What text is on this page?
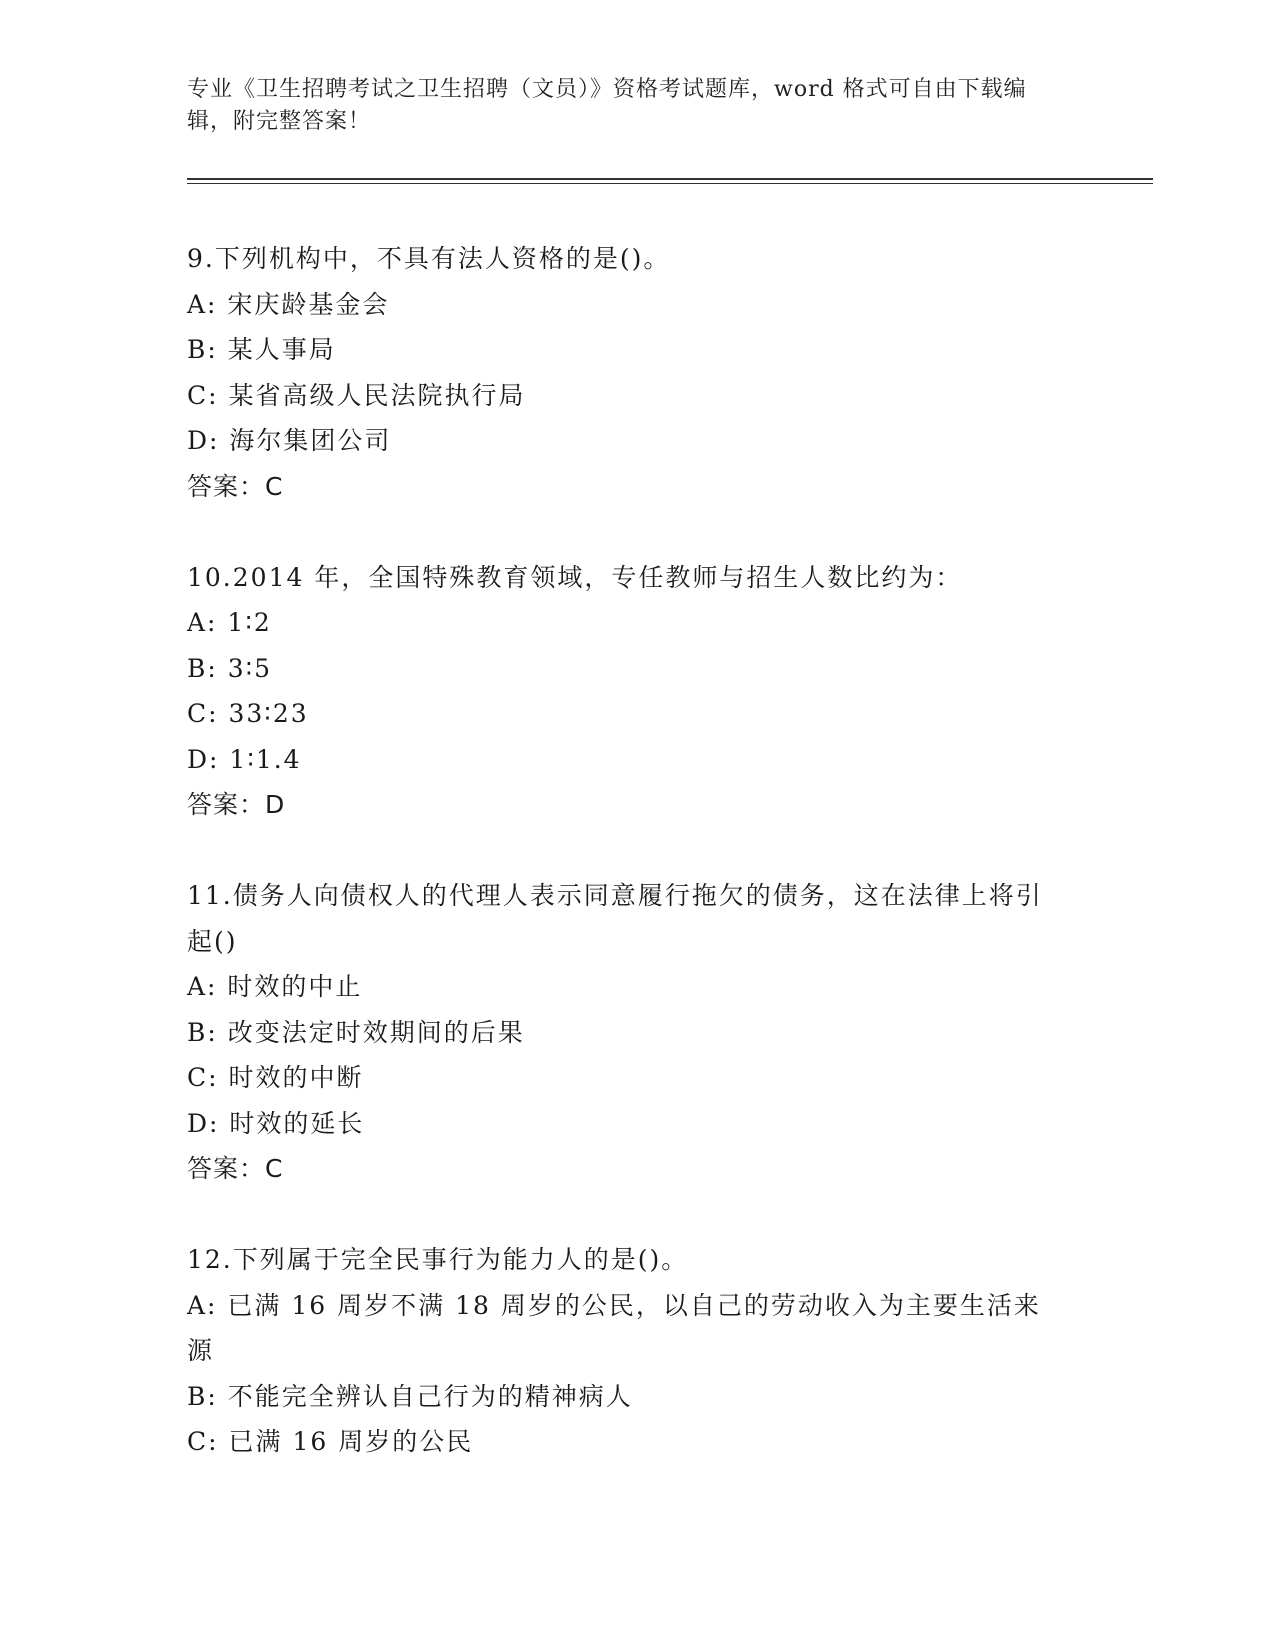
专业《卫生招聘考试之卫生招聘（文员）》资格考试题库，word 格式可自由下载编辑，附完整答案！
9.下列机构中，不具有法人资格的是()。
A: 宋庆龄基金会
B: 某人事局
C: 某省高级人民法院执行局
D: 海尔集团公司
答案：C
10.2014 年，全国特殊教育领域，专任教师与招生人数比约为：
A: 1∶2
B: 3∶5
C: 33∶23
D: 1∶1.4
答案：D
11.债务人向债权人的代理人表示同意履行拖欠的债务，这在法律上将引起()
A: 时效的中止
B: 改变法定时效期间的后果
C: 时效的中断
D: 时效的延长
答案：C
12.下列属于完全民事行为能力人的是()。
A: 已满 16 周岁不满 18 周岁的公民，以自己的劳动收入为主要生活来源
B: 不能完全辨认自己行为的精神病人
C: 已满 16 周岁的公民
